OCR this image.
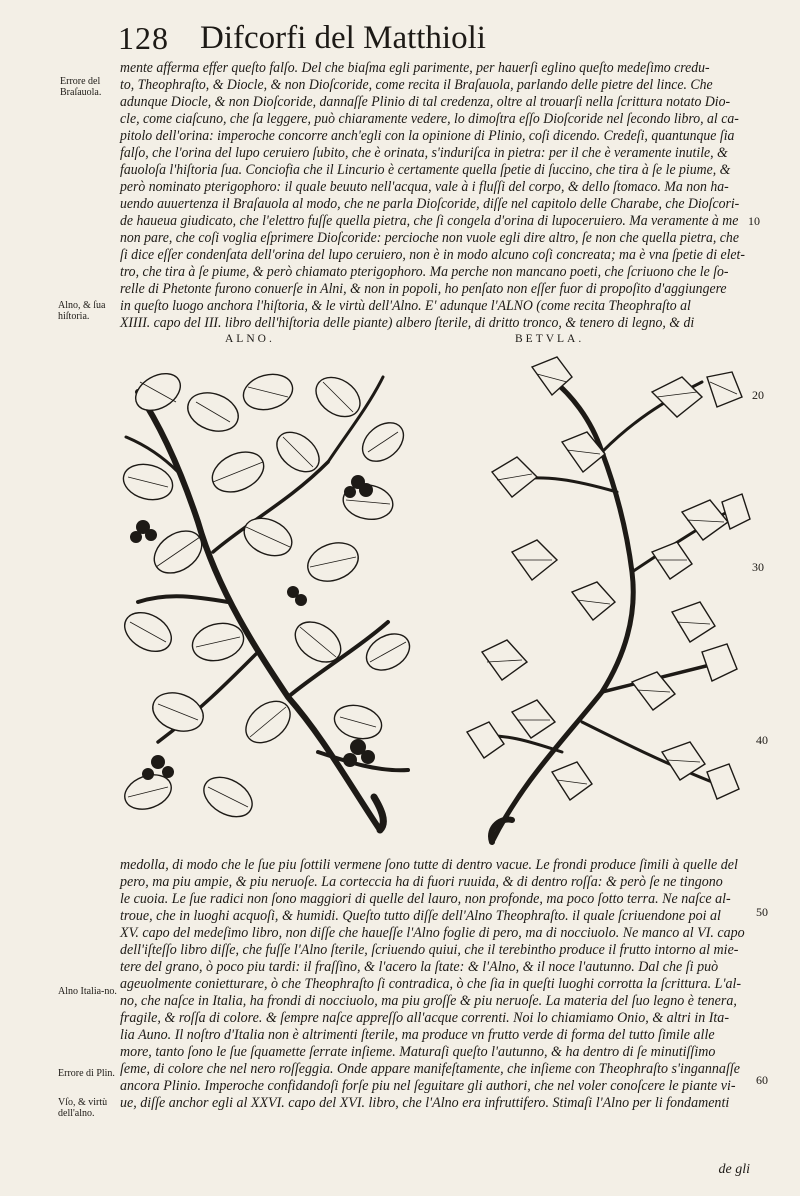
128 Difcorfi del Matthioli
mente afferma effer queſto falſo. Del che biaſma egli parimente, per hauerſi eglino queſto medeſimo credu-
to, Theophraſto, & Diocle, & non Dioſcoride, come recita il Braſauola, parlando delle pietre del lince. Che
adunque Diocle, & non Dioſcoride, dannaſſe Plinio di tal credenza, oltre al trouarſi nella ſcrittura notato Dio-
cle, come ciaſcuno, che ſa leggere, può chiaramente vedere, lo dimoſtra eſſo Dioſcoride nel ſecondo libro, al ca-
pitolo dell'orina: imperoche concorre anch'egli con la opinione di Plinio, coſi dicendo. Credeſi, quantunque ſia
falſo, che l'orina del lupo ceruiero ſubito, che è orinata, s'induriſca in pietra: per il che è veramente inutile, &
fauoloſa l'hiſtoria ſua. Conciofia che il Lincurio è certamente quella ſpetie di ſuccino, che tira à ſe le piume, &
però nominato pterigophoro: il quale beuuto nell'acqua, vale à i fluſſi del corpo, & dello ſtomaco. Ma non ha-
uendo auuertenza il Braſauola al modo, che ne parla Dioſcoride, diſſe nel capitolo delle Charabe, che Dioſcori-
de haueua giudicato, che l'elettro fuſſe quella pietra, che ſi congela d'orina di lupoceruiero. Ma veramente à me
non pare, che coſi voglia eſprimere Dioſcoride: percioche non vuole egli dire altro, ſe non che quella pietra, che
ſi dice eſſer condenſata dell'orina del lupo ceruiero, non è in modo alcuno coſi concreata; ma è vna ſpetie di elet-
tro, che tira à ſe piume, & però chiamato pterigophoro. Ma perche non mancano poeti, che ſcriuono che le ſo-
relle di Phetonte furono conuerſe in Alni, & non in popoli, ho penſato non eſſer fuor di propoſito d'aggiungere
in queſto luogo anchora l'hiſtoria, & le virtù dell'Alno. E' adunque l'ALNO (come recita Theophraſto al
XIIII. capo del III. libro dell'hiſtoria delle piante) albero ſterile, di dritto tronco, & tenero di legno, & di
ALNO.	BETVLA.
medolla, di modo che le ſue piu ſottili vermene ſono tutte di dentro vacue. Le frondi produce ſimili à quelle del
pero, ma piu ampie, & piu neruoſe. La corteccia ha di fuori ruuida, & di dentro roſſa: & però ſe ne tingono
le cuoia. Le ſue radici non ſono maggiori di quelle del lauro, non profonde, ma poco ſotto terra. Ne naſce al-
troue, che in luoghi acquoſi, & humidi. Queſto tutto diſſe dell'Alno Theophraſto. il quale ſcriuendone poi al
XV. capo del medeſimo libro, non diſſe che haueſſe l'Alno foglie di pero, ma di nocciuolo. Ne manco al VI. capo
dell'iſteſſo libro diſſe, che fuſſe l'Alno ſterile, ſcriuendo quiui, che il terebintho produce il frutto intorno al mie-
tere del grano, ò poco piu tardi: il fraſſino, & l'acero la ſtate: & l'Alno, & il noce l'autunno. Dal che ſi può
ageuolmente conietturare, ò che Theophraſto ſi contradica, ò che ſia in queſti luoghi corrotta la ſcrittura. L'al-
no, che naſce in Italia, ha frondi di nocciuolo, ma piu groſſe & piu neruoſe. La materia del ſuo legno è tenera,
fragile, & roſſa di colore. & ſempre naſce appreſſo all'acque correnti. Noi lo chiamiamo Onio, & altri in Ita-
lia Auno. Il noſtro d'Italia non è altrimenti ſterile, ma produce vn frutto verde di forma del tutto ſimile alle
more, tanto ſono le ſue ſquamette ſerrate inſieme. Maturaſi queſto l'autunno, & ha dentro di ſe minutiſſimo
ſeme, di colore che nel nero roſſeggia. Onde appare manifeſtamente, che inſieme con Theophraſto s'ingannaſſe
ancora Plinio. Imperoche confidandoſi forſe piu nel ſeguitare gli authori, che nel voler conoſcere le piante vi-
ue, diſſe anchor egli al XXVI. capo del XVI. libro, che l'Alno era infruttifero. Stimaſi l'Alno per li fondamenti
de gli
Errore del Braſauola.
Alno, & ſua hiſtoria.
Alno Italia-no.
Errore di Plin.
Vſo, & virtù dell'alno.
10
20
30
40
50
60
